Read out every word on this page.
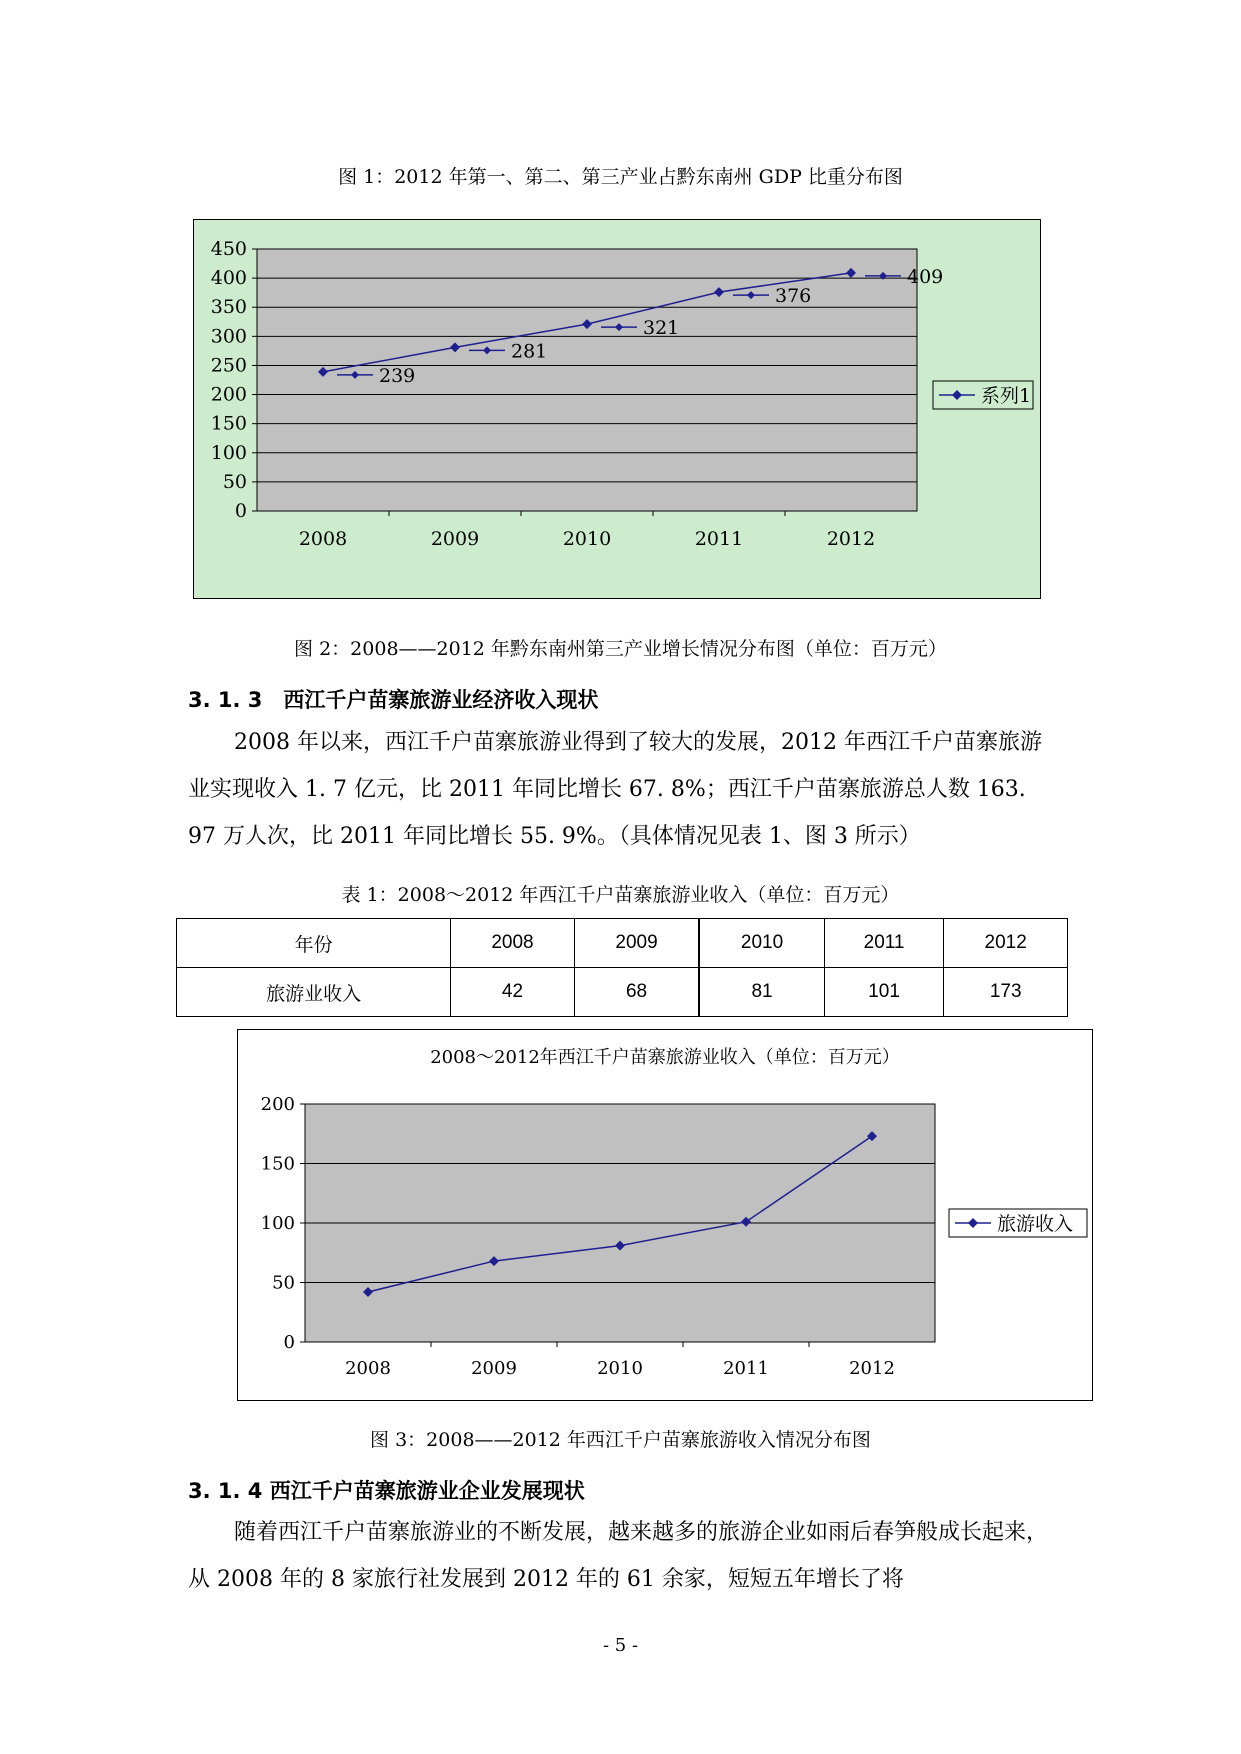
图 1：2012 年第一、第二、第三产业占黔东南州 GDP 比重分布图
0
50
100
150
200
250
300
350
400
450
2008	2009	2010	2011	2012
239
281
321
376
409
系列1
图 2：2008——2012 年黔东南州第三产业增长情况分布图（单位：百万元）
3. 1. 3　西江千户苗寨旅游业经济收入现状

2008 年以来，西江千户苗寨旅游业得到了较大的发展，2012 年西江千户苗寨旅游业实现收入 1. 7 亿元，比 2011 年同比增长 67. 8%；西江千户苗寨旅游总人数 163. 97 万人次，比 2011 年同比增长 55. 9%。（具体情况见表 1、图 3 所示）

表 1：2008～2012 年西江千户苗寨旅游业收入（单位：百万元）
年份	2008	2009	2010	2011	2012
旅游业收入	42	68	81	101	173
2008～2012年西江千户苗寨旅游业收入（单位：百万元）
0
50
100
150
200
2008	2009	2010	2011	2012
旅游收入
图 3：2008——2012 年西江千户苗寨旅游收入情况分布图
3. 1. 4 西江千户苗寨旅游业企业发展现状

随着西江千户苗寨旅游业的不断发展，越来越多的旅游企业如雨后春笋般成长起来，从 2008 年的 8 家旅行社发展到 2012 年的 61 余家，短短五年增长了将

- 5 -
